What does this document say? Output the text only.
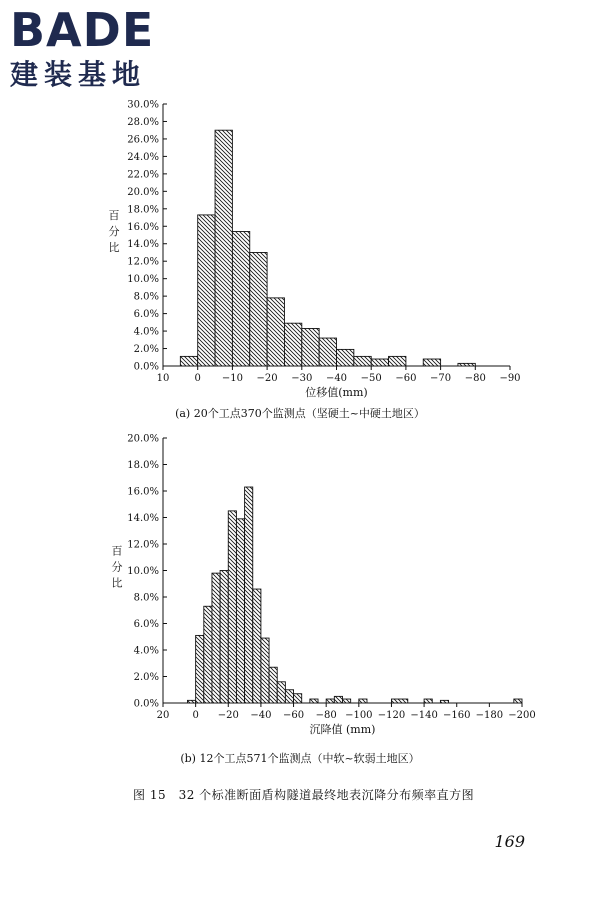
BADE
建装基地
0.0%
2.0%
4.0%
6.0%
8.0%
10.0%
12.0%
14.0%
16.0%
18.0%
20.0%
22.0%
24.0%
26.0%
28.0%
30.0%
10	0 −10 −20 −30 −40 −50 −60 −70 −80 −90
位移值(mm)
百分比
(a) 20个工点370个监测点（坚硬土~中硬土地区）
0.0%
2.0%
4.0%
6.0%
8.0%
10.0%
12.0%
14.0%
16.0%
18.0%
20.0%
20 0 −20 −40 −60 −80 −100 −120 −140 −160 −180 −200
沉降值 (mm)
百分比
(b) 12个工点571个监测点（中软~软弱土地区）
图 15　32 个标准断面盾构隧道最终地表沉降分布频率直方图
169
